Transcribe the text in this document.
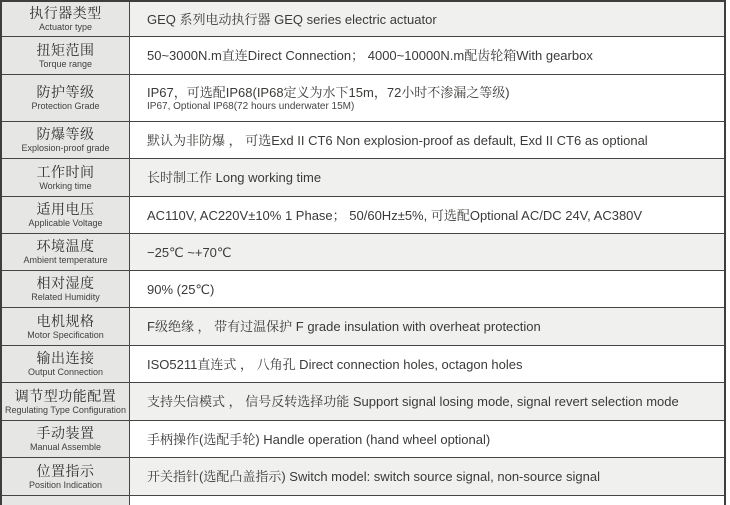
执行器类型
Actuator type
GEQ 系列电动执行器 GEQ series electric actuator
扭矩范围
Torque range
50~3000N.m直连Direct Connection； 4000~10000N.m配齿轮箱With gearbox
防护等级
Protection Grade
IP67，可选配IP68(IP68定义为水下15m，72小时不渗漏之等级)
IP67, Optional IP68(72 hours underwater 15M)
防爆等级
Explosion-proof grade
默认为非防爆 ， 可选Exd II CT6 Non explosion-proof as default, Exd II CT6 as optional
工作时间
Working time
长时制工作 Long working time
适用电压
Applicable Voltage
AC110V, AC220V±10% 1 Phase； 50/60Hz±5%, 可选配Optional AC/DC 24V, AC380V
环境温度
Ambient temperature
−25℃ ~+70℃
相对湿度
Related Humidity
90% (25℃)
电机规格
Motor Specification
F级绝缘 ， 带有过温保护 F grade insulation with overheat protection
输出连接
Output Connection
ISO5211直连式 ， 八角孔 Direct connection holes, octagon holes
调节型功能配置
Regulating Type Configuration
支持失信模式 ， 信号反转选择功能 Support signal losing mode, signal revert selection mode
手动装置
Manual Assemble
手柄操作(选配手轮) Handle operation (hand wheel optional)
位置指示
Position Indication
开关指针(选配凸盖指示) Switch model: switch source signal, non-source signal
